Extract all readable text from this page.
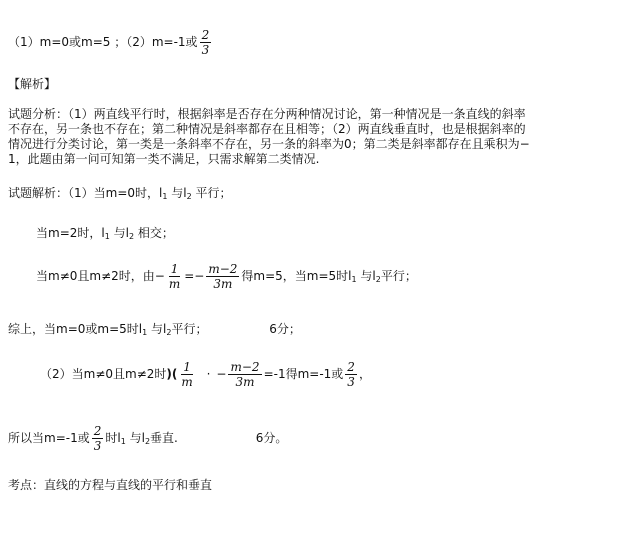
（1）m=0或m=5 ；（2）m=-1或 $\frac{2}{3}$
【解析】
试题分析：（1）两直线平行时，根据斜率是否存在分两种情况讨论，第一种情况是一条直线的斜率
不存在，另一条也不存在；第二种情况是斜率都存在且相等；（2）两直线垂直时，也是根据斜率的
情况进行分类讨论，第一类是一条斜率不存在，另一条的斜率为0；第二类是斜率都存在且乘积为−
1，此题由第一问可知第一类不满足，只需求解第二类情况.
试题解析：（1）当m=0时，$l_1$ 与$l_2$ 平行；
当m=2时，$l_1$ 与$l_2$ 相交；
当m≠0且m≠2时，由− $\frac{1}{m} =- \frac{m-2}{3m}$ 得m=5，当m=5时$l_1$ 与$l_2$平行；
综上，当m=0或m=5时$l_1$ 与$l_2$平行；	6分；
（2）当m≠0且m≠2时)( $\frac{1}{m}$ · − $\frac{m-2}{3m} =-1$得m=-1或 $\frac{2}{3}$ ，
所以当m=-1或 $\frac{2}{3}$ 时$l_1$ 与$l_2$垂直.	6分。
考点：直线的方程与直线的平行和垂直
